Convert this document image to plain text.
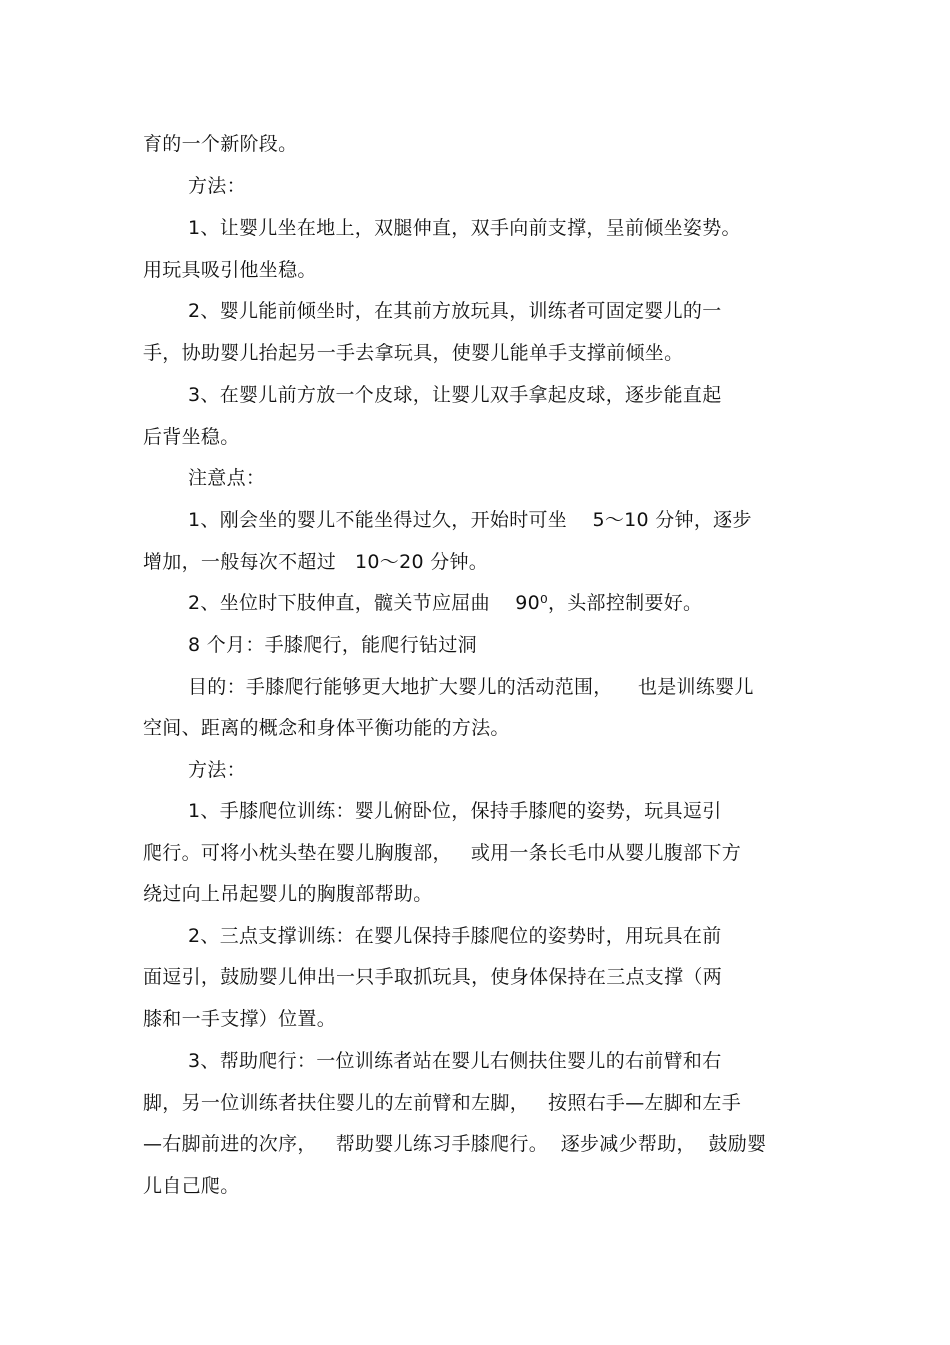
育的一个新阶段。
方法：
1、让婴儿坐在地上，双腿伸直，双手向前支撑，呈前倾坐姿势。
用玩具吸引他坐稳。
2、婴儿能前倾坐时，在其前方放玩具，训练者可固定婴儿的一
手，协助婴儿抬起另一手去拿玩具，使婴儿能单手支撑前倾坐。
3、在婴儿前方放一个皮球，让婴儿双手拿起皮球，逐步能直起
后背坐稳。
注意点：
1、刚会坐的婴儿不能坐得过久，开始时可坐    5～10 分钟，逐步
增加，一般每次不超过   10～20 分钟。
2、坐位时下肢伸直，髋关节应屈曲    90⁰，头部控制要好。
8 个月：手膝爬行，能爬行钻过洞
目的：手膝爬行能够更大地扩大婴儿的活动范围，    也是训练婴儿
空间、距离的概念和身体平衡功能的方法。
方法：
1、手膝爬位训练：婴儿俯卧位，保持手膝爬的姿势，玩具逗引
爬行。可将小枕头垫在婴儿胸腹部，   或用一条长毛巾从婴儿腹部下方
绕过向上吊起婴儿的胸腹部帮助。
2、三点支撑训练：在婴儿保持手膝爬位的姿势时，用玩具在前
面逗引，鼓励婴儿伸出一只手取抓玩具，使身体保持在三点支撑（两
膝和一手支撑）位置。
3、帮助爬行：一位训练者站在婴儿右侧扶住婴儿的右前臂和右
脚，另一位训练者扶住婴儿的左前臂和左脚，   按照右手—左脚和左手
—右脚前进的次序，   帮助婴儿练习手膝爬行。  逐步减少帮助，  鼓励婴
儿自己爬。
